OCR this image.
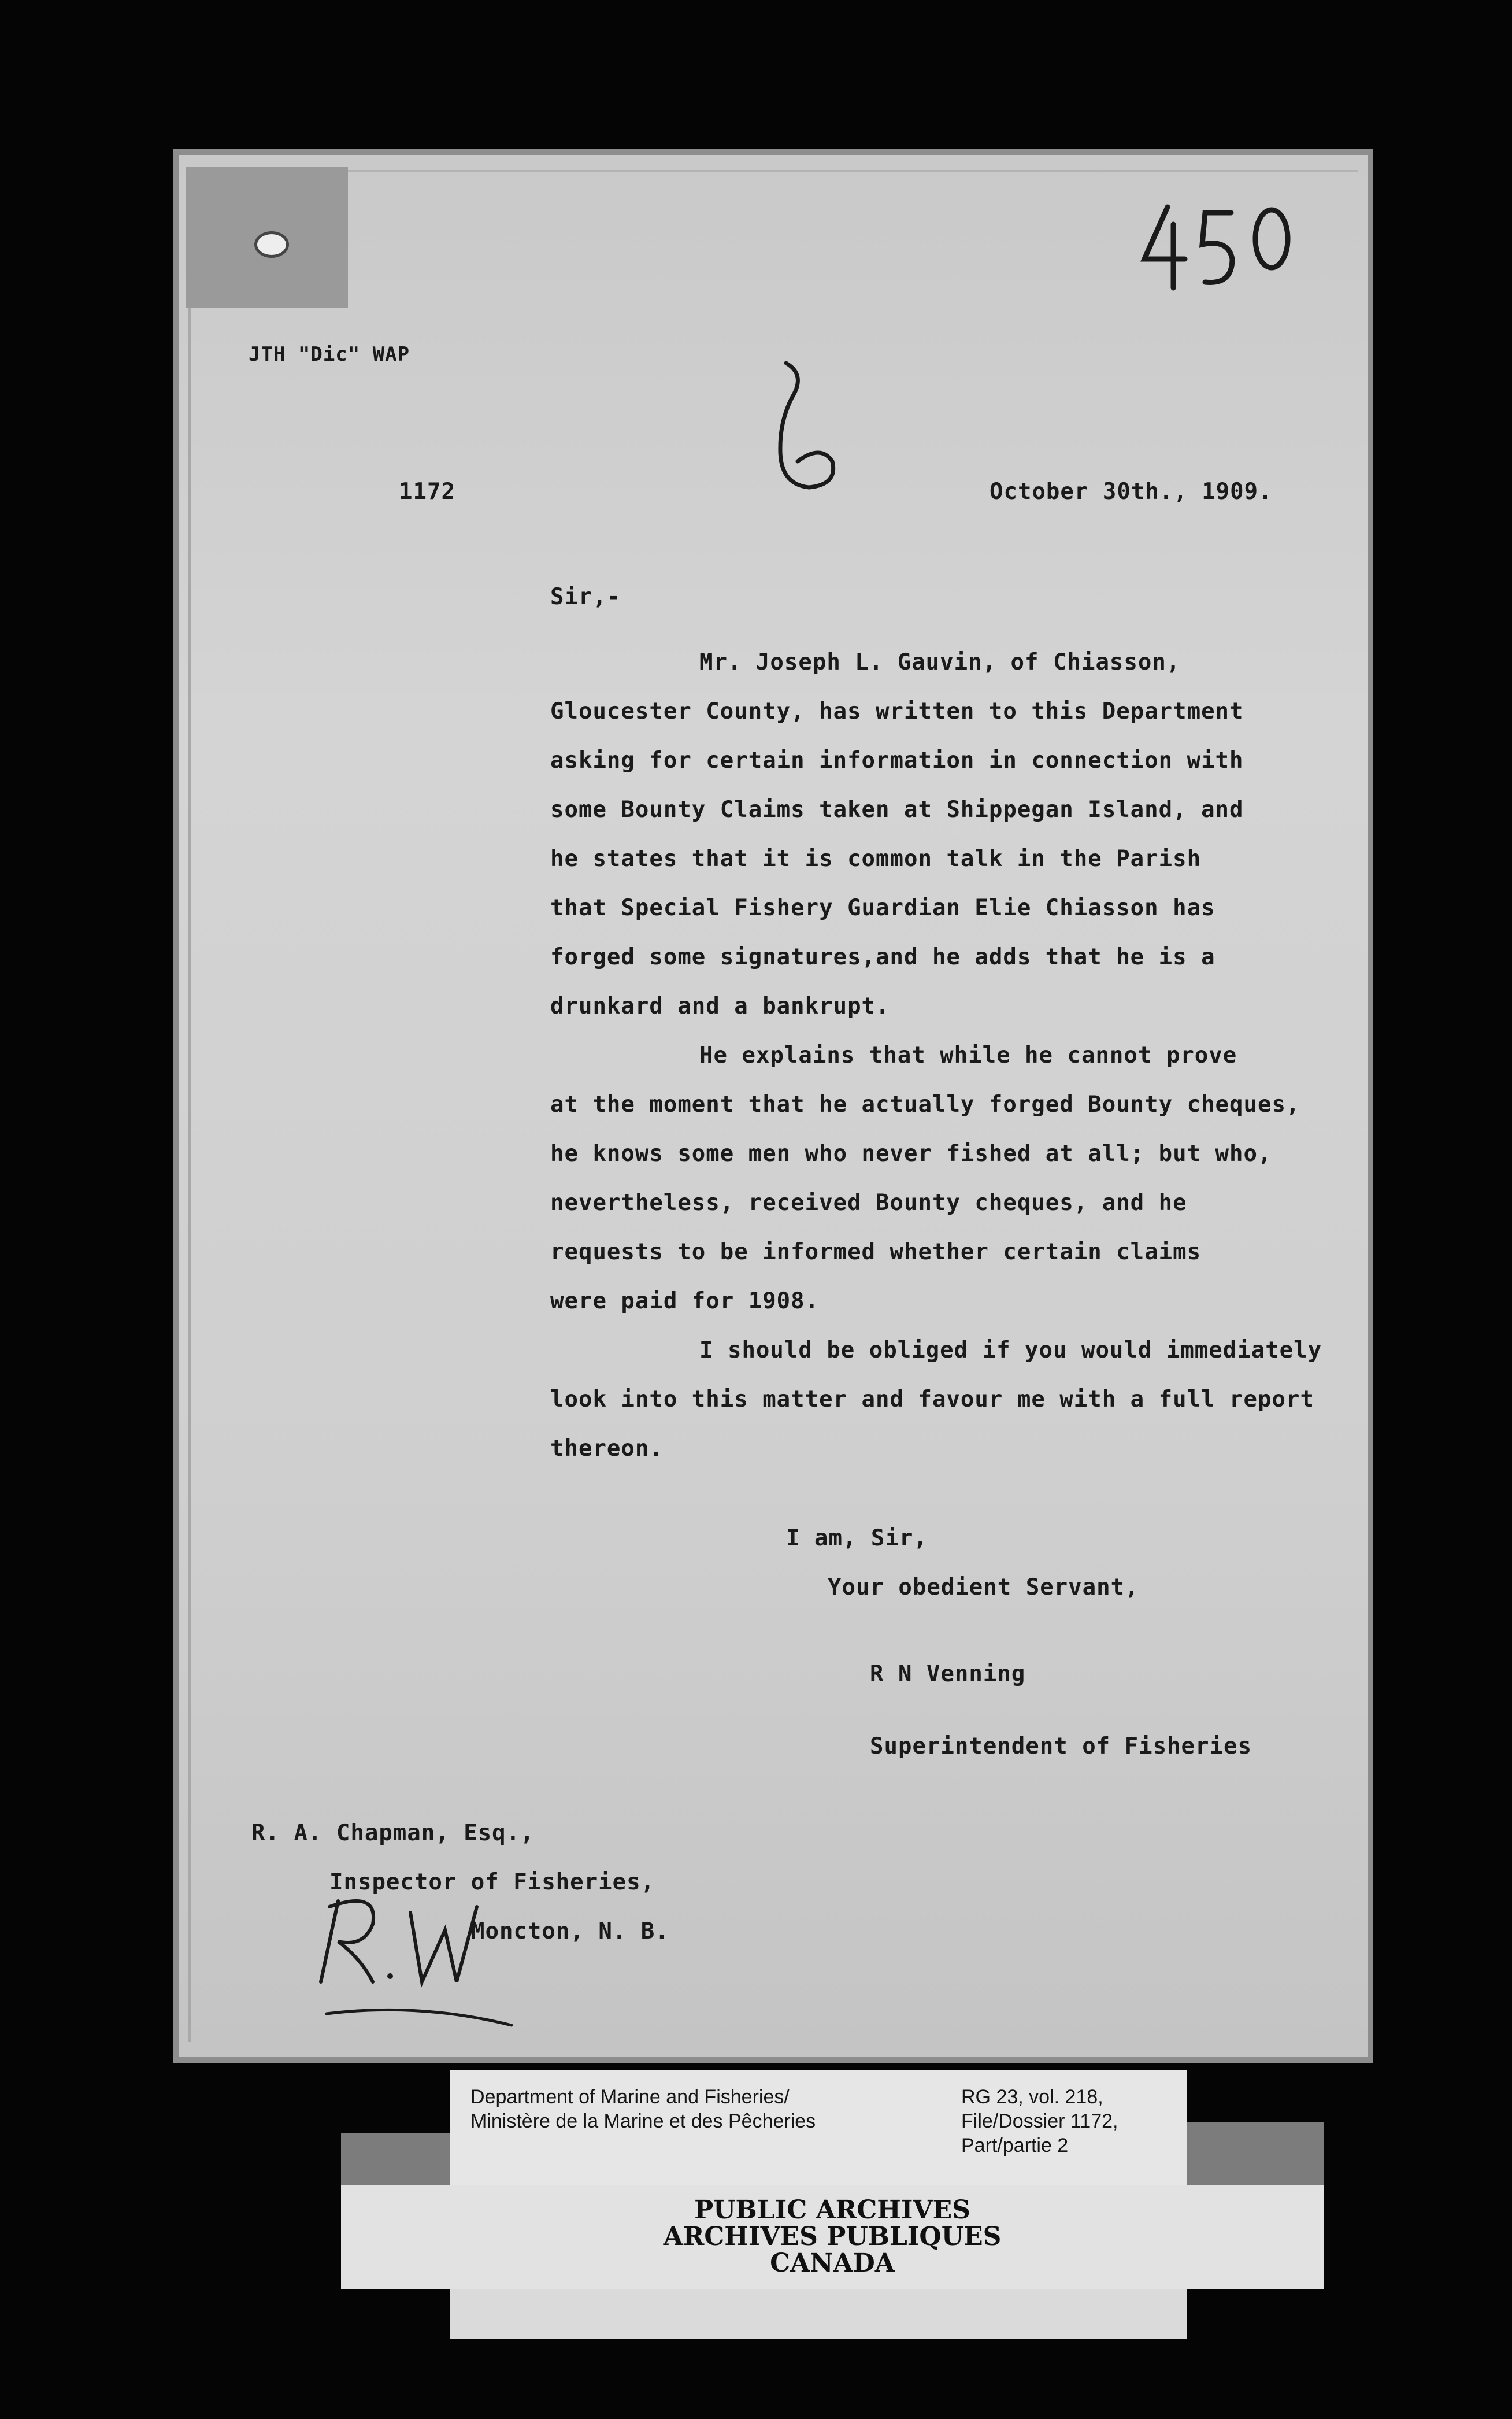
JTH "Dic" WAP
1172	October 30th., 1909.
Sir,-
Mr. Joseph L. Gauvin, of Chiasson,
Gloucester County, has written to this Department
asking for certain information in connection with
some Bounty Claims taken at Shippegan Island, and
he states that it is common talk in the Parish
that Special Fishery Guardian Elie Chiasson has
forged some signatures,and he adds that he is a
drunkard and a bankrupt.
He explains that while he cannot prove
at the moment that he actually forged Bounty cheques,
he knows some men who never fished at all; but who,
nevertheless, received Bounty cheques, and he
requests to be informed whether certain claims
were paid for 1908.
I should be obliged if you would immediately
look into this matter and favour me with a full report
thereon.
I am, Sir,
Your obedient Servant,
R N Venning
Superintendent of Fisheries
R. A. Chapman, Esq.,
Inspector of Fisheries,
Moncton, N. B.
Department of Marine and Fisheries/
Ministère de la Marine et des Pêcheries
RG 23, vol. 218,
File/Dossier 1172,
Part/partie 2
PUBLIC ARCHIVES
ARCHIVES PUBLIQUES
CANADA
